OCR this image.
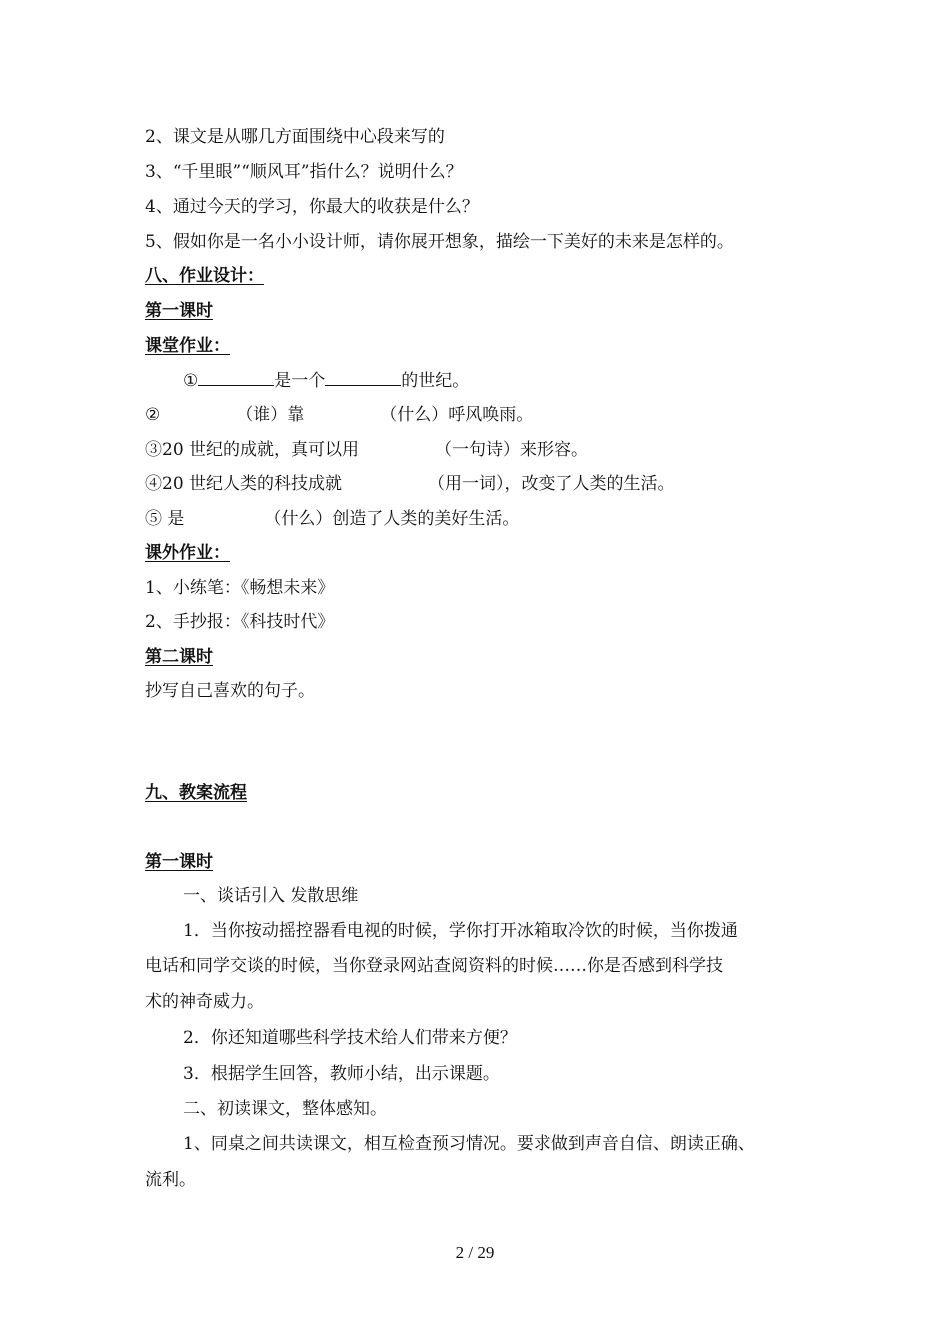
2、课文是从哪几方面围绕中心段来写的
3、“千里眼”“顺风耳”指什么？说明什么？
4、通过今天的学习，你最大的收获是什么？
5、假如你是一名小小设计师，请你展开想象，描绘一下美好的未来是怎样的。
八、作业设计：
第一课时
课堂作业：
①	是一个	的世纪。
②	（谁）靠	（什么）呼风唤雨。
③20 世纪的成就，真可以用	（一句诗）来形容。
④20 世纪人类的科技成就	（用一词），改变了人类的生活。
⑤ 是	（什么）创造了人类的美好生活。
课外作业：
1、小练笔：《畅想未来》
2、手抄报：《科技时代》
第二课时
抄写自己喜欢的句子。
九、教案流程
第一课时
一、谈话引入 发散思维
1．当你按动摇控器看电视的时候，学你打开冰箱取冷饮的时候，当你拨通
电话和同学交谈的时候，当你登录网站查阅资料的时候……你是否感到科学技
术的神奇威力。
2．你还知道哪些科学技术给人们带来方便？
3．根据学生回答，教师小结，出示课题。
二、初读课文，整体感知。
1、同桌之间共读课文，相互检查预习情况。要求做到声音自信、朗读正确、
流利。
2 / 29
